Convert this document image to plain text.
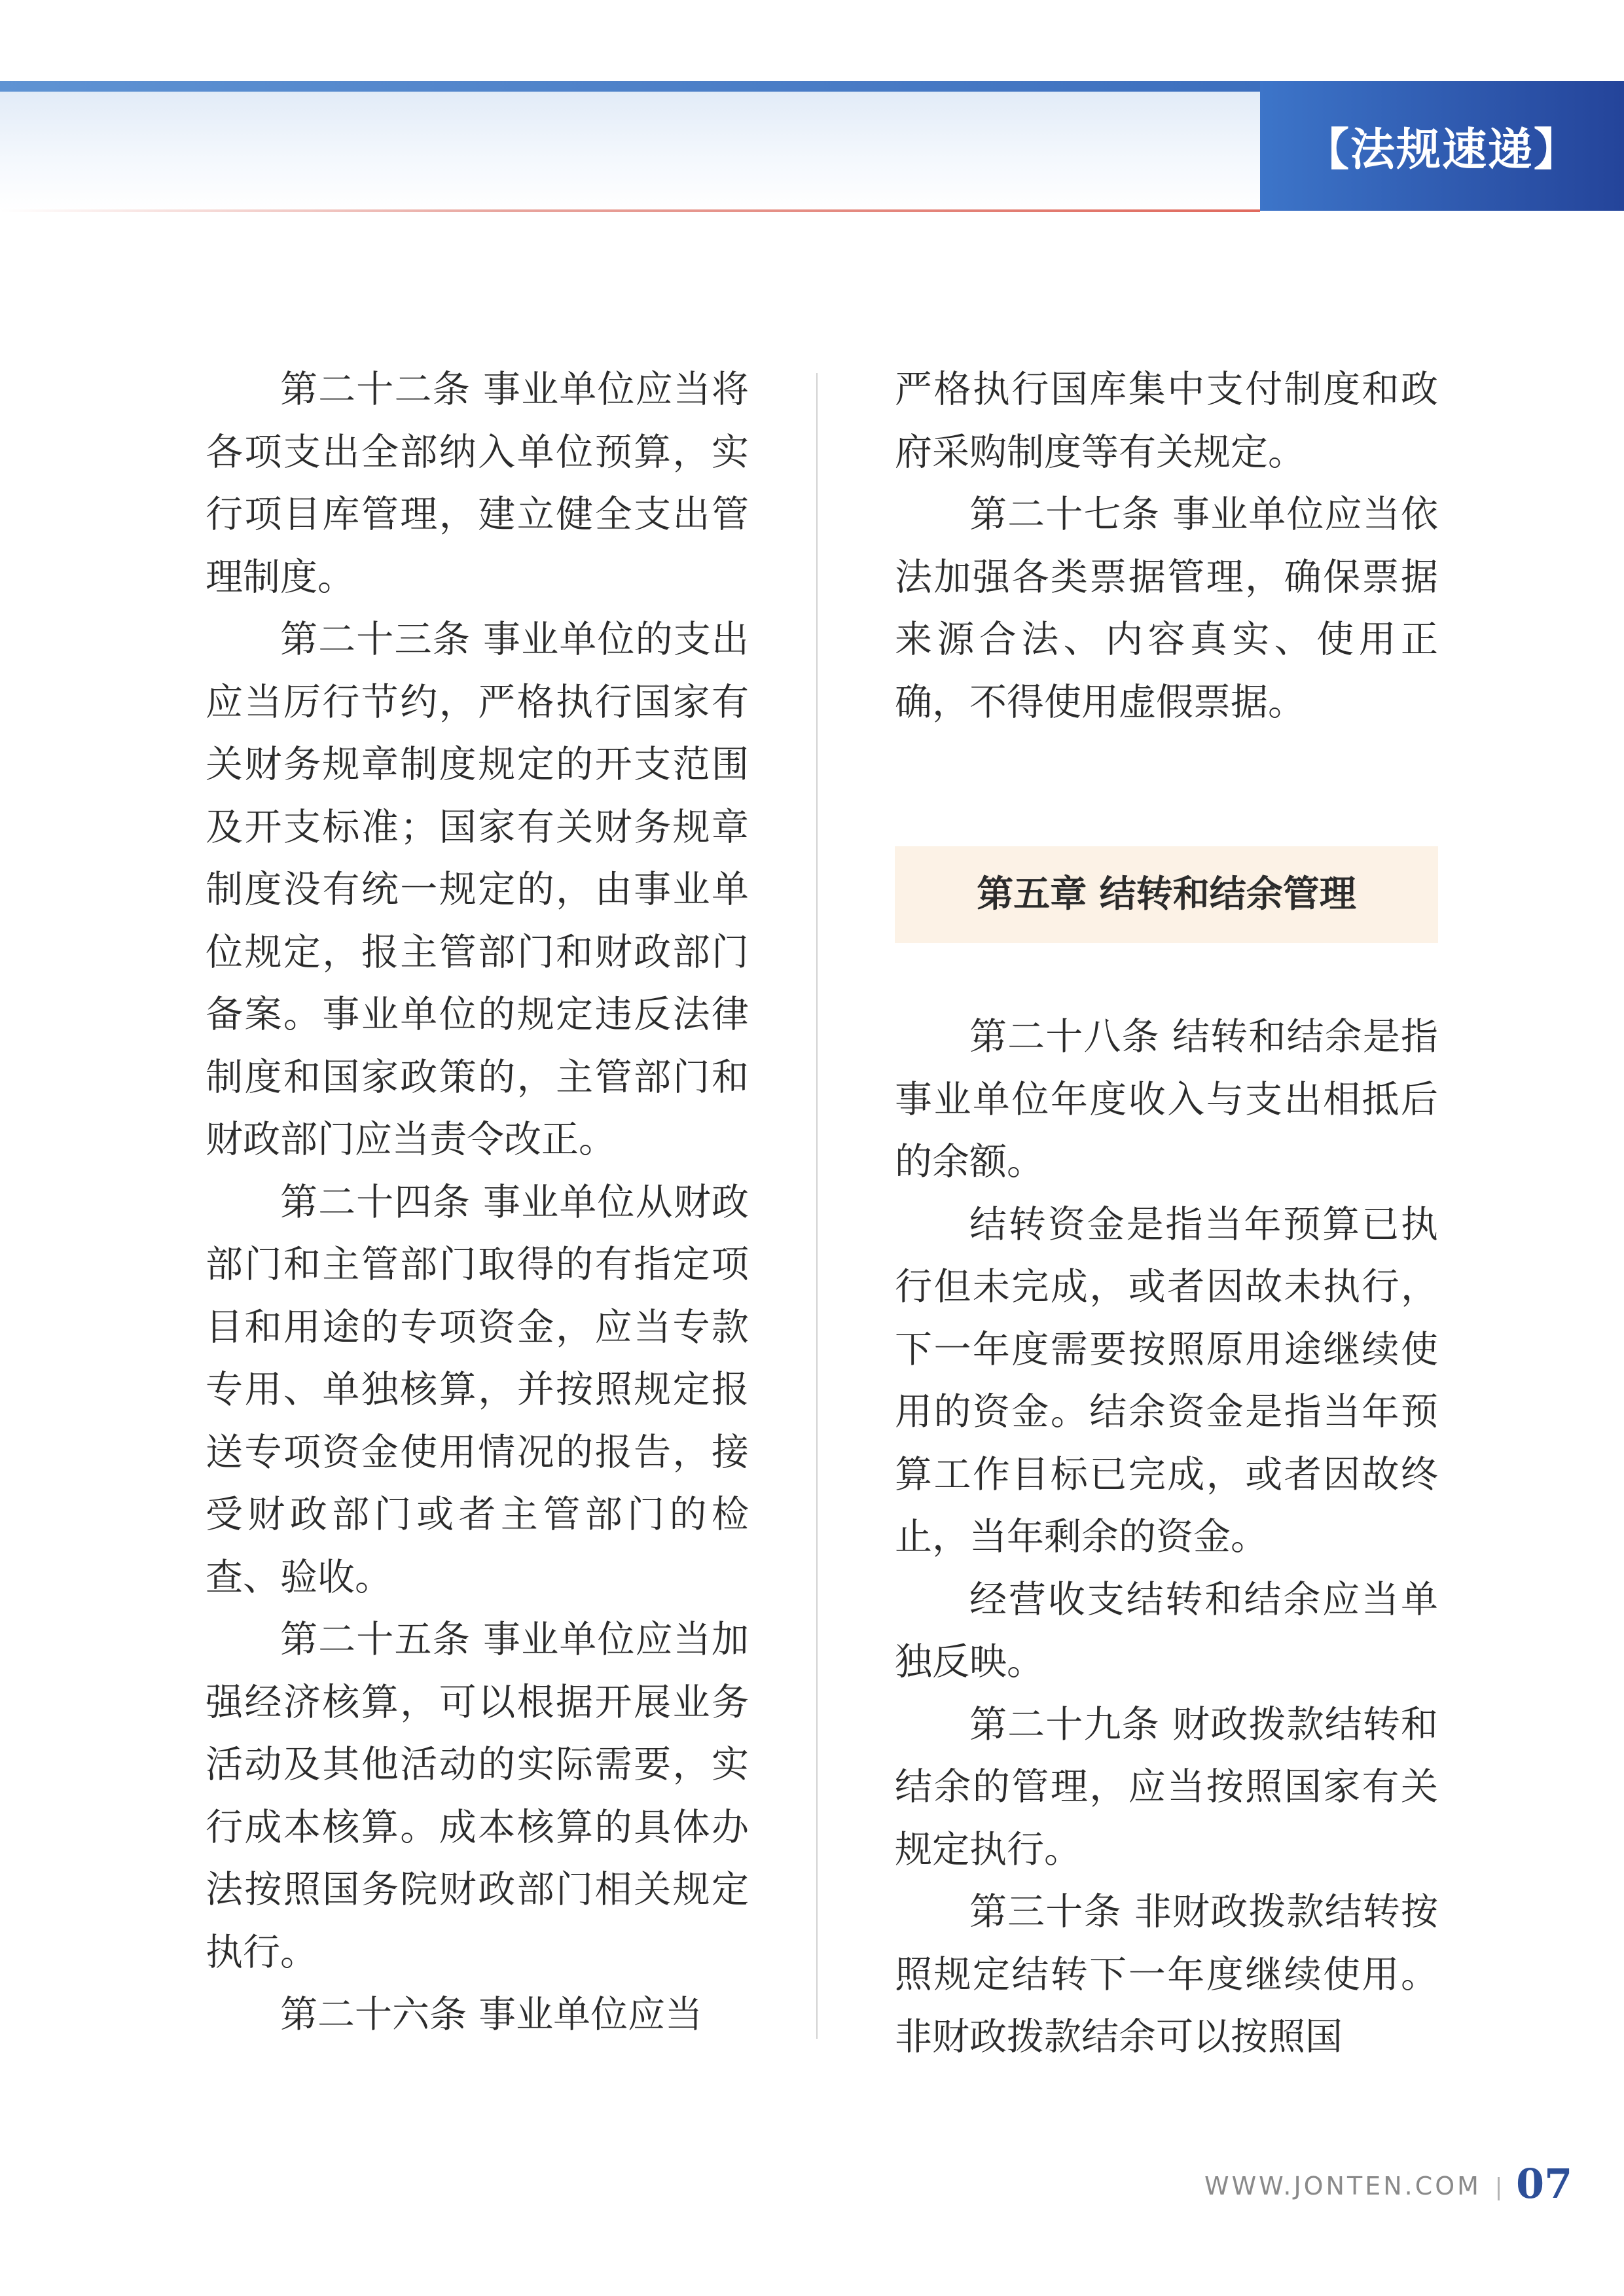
【法规速递】

第二十二条 事业单位应当将各项支出全部纳入单位预算，实行项目库管理，建立健全支出管理制度。

第二十三条 事业单位的支出应当厉行节约，严格执行国家有关财务规章制度规定的开支范围及开支标准；国家有关财务规章制度没有统一规定的，由事业单位规定，报主管部门和财政部门备案。事业单位的规定违反法律制度和国家政策的，主管部门和财政部门应当责令改正。

第二十四条 事业单位从财政部门和主管部门取得的有指定项目和用途的专项资金，应当专款专用、单独核算，并按照规定报送专项资金使用情况的报告，接受财政部门或者主管部门的检查、验收。

第二十五条 事业单位应当加强经济核算，可以根据开展业务活动及其他活动的实际需要，实行成本核算。成本核算的具体办法按照国务院财政部门相关规定执行。

第二十六条 事业单位应当

严格执行国库集中支付制度和政府采购制度等有关规定。

第二十七条 事业单位应当依法加强各类票据管理，确保票据来源合法、内容真实、使用正确，不得使用虚假票据。

第五章 结转和结余管理

第二十八条 结转和结余是指事业单位年度收入与支出相抵后的余额。

结转资金是指当年预算已执行但未完成，或者因故未执行，下一年度需要按照原用途继续使用的资金。结余资金是指当年预算工作目标已完成，或者因故终止，当年剩余的资金。

经营收支结转和结余应当单独反映。

第二十九条 财政拨款结转和结余的管理，应当按照国家有关规定执行。

第三十条 非财政拨款结转按照规定结转下一年度继续使用。非财政拨款结余可以按照国

WWW.JONTEN.COM 07
